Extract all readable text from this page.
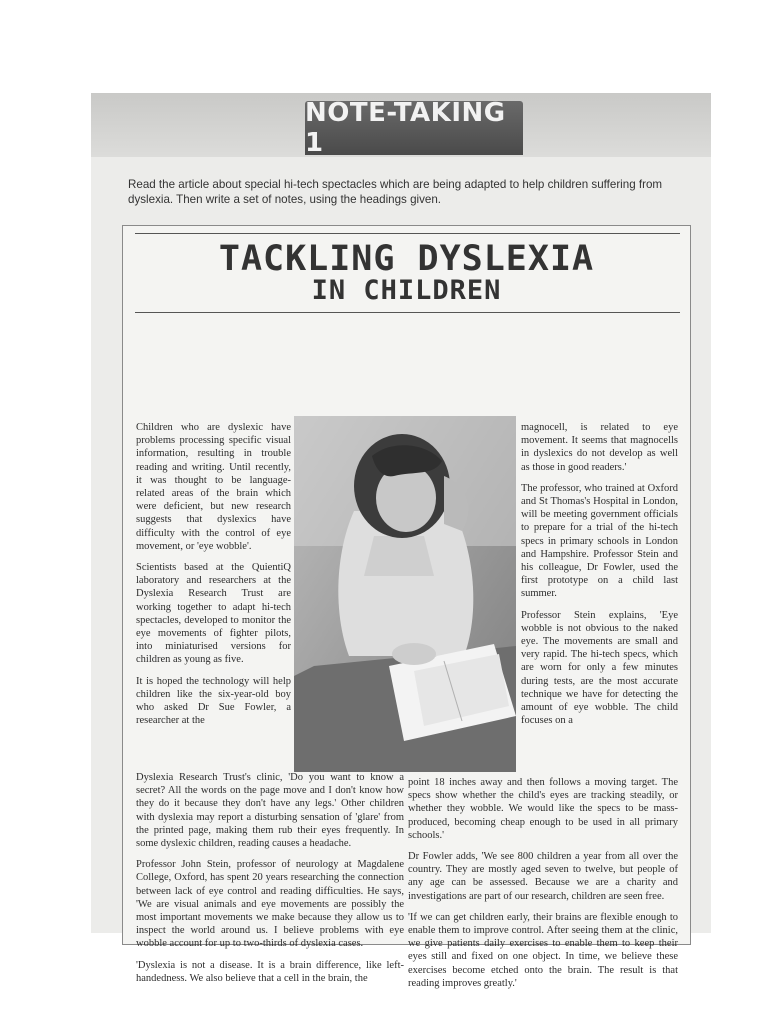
NOTE-TAKING 1
Read the article about special hi-tech spectacles which are being adapted to help children suffering from dyslexia. Then write a set of notes, using the headings given.
TACKLING DYSLEXIA
IN CHILDREN

Children who are dyslexic have problems processing specific visual information, resulting in trouble reading and writing. Until recently, it was thought to be language-related areas of the brain which were deficient, but new research suggests that dyslexics have difficulty with the control of eye movement, or 'eye wobble'.

Scientists based at the QuientiQ laboratory and researchers at the Dyslexia Research Trust are working together to adapt hi-tech spectacles, developed to monitor the eye movements of fighter pilots, into miniaturised versions for children as young as five.

It is hoped the technology will help children like the six-year-old boy who asked Dr Sue Fowler, a researcher at the

magnocell, is related to eye movement. It seems that magnocells in dyslexics do not develop as well as those in good readers.'

The professor, who trained at Oxford and St Thomas's Hospital in London, will be meeting government officials to prepare for a trial of the hi-tech specs in primary schools in London and Hampshire. Professor Stein and his colleague, Dr Fowler, used the first prototype on a child last summer.

Professor Stein explains, 'Eye wobble is not obvious to the naked eye. The movements are small and very rapid. The hi-tech specs, which are worn for only a few minutes during tests, are the most accurate technique we have for detecting the amount of eye wobble. The child focuses on a

Dyslexia Research Trust's clinic, 'Do you want to know a secret? All the words on the page move and I don't know how they do it because they don't have any legs.' Other children with dyslexia may report a disturbing sensation of 'glare' from the printed page, making them rub their eyes frequently. In some dyslexic children, reading causes a headache.

Professor John Stein, professor of neurology at Magdalene College, Oxford, has spent 20 years researching the connection between lack of eye control and reading difficulties. He says, 'We are visual animals and eye movements are possibly the most important movements we make because they allow us to inspect the world around us. I believe problems with eye wobble account for up to two-thirds of dyslexia cases.

'Dyslexia is not a disease. It is a brain difference, like left-handedness. We also believe that a cell in the brain, the

point 18 inches away and then follows a moving target. The specs show whether the child's eyes are tracking steadily, or whether they wobble. We would like the specs to be mass-produced, becoming cheap enough to be used in all primary schools.'

Dr Fowler adds, 'We see 800 children a year from all over the country. They are mostly aged seven to twelve, but people of any age can be assessed. Because we are a charity and investigations are part of our research, children are seen free.

'If we can get children early, their brains are flexible enough to enable them to improve control. After seeing them at the clinic, we give patients daily exercises to enable them to keep their eyes still and fixed on one object. In time, we believe these exercises become etched onto the brain. The result is that reading improves greatly.'
